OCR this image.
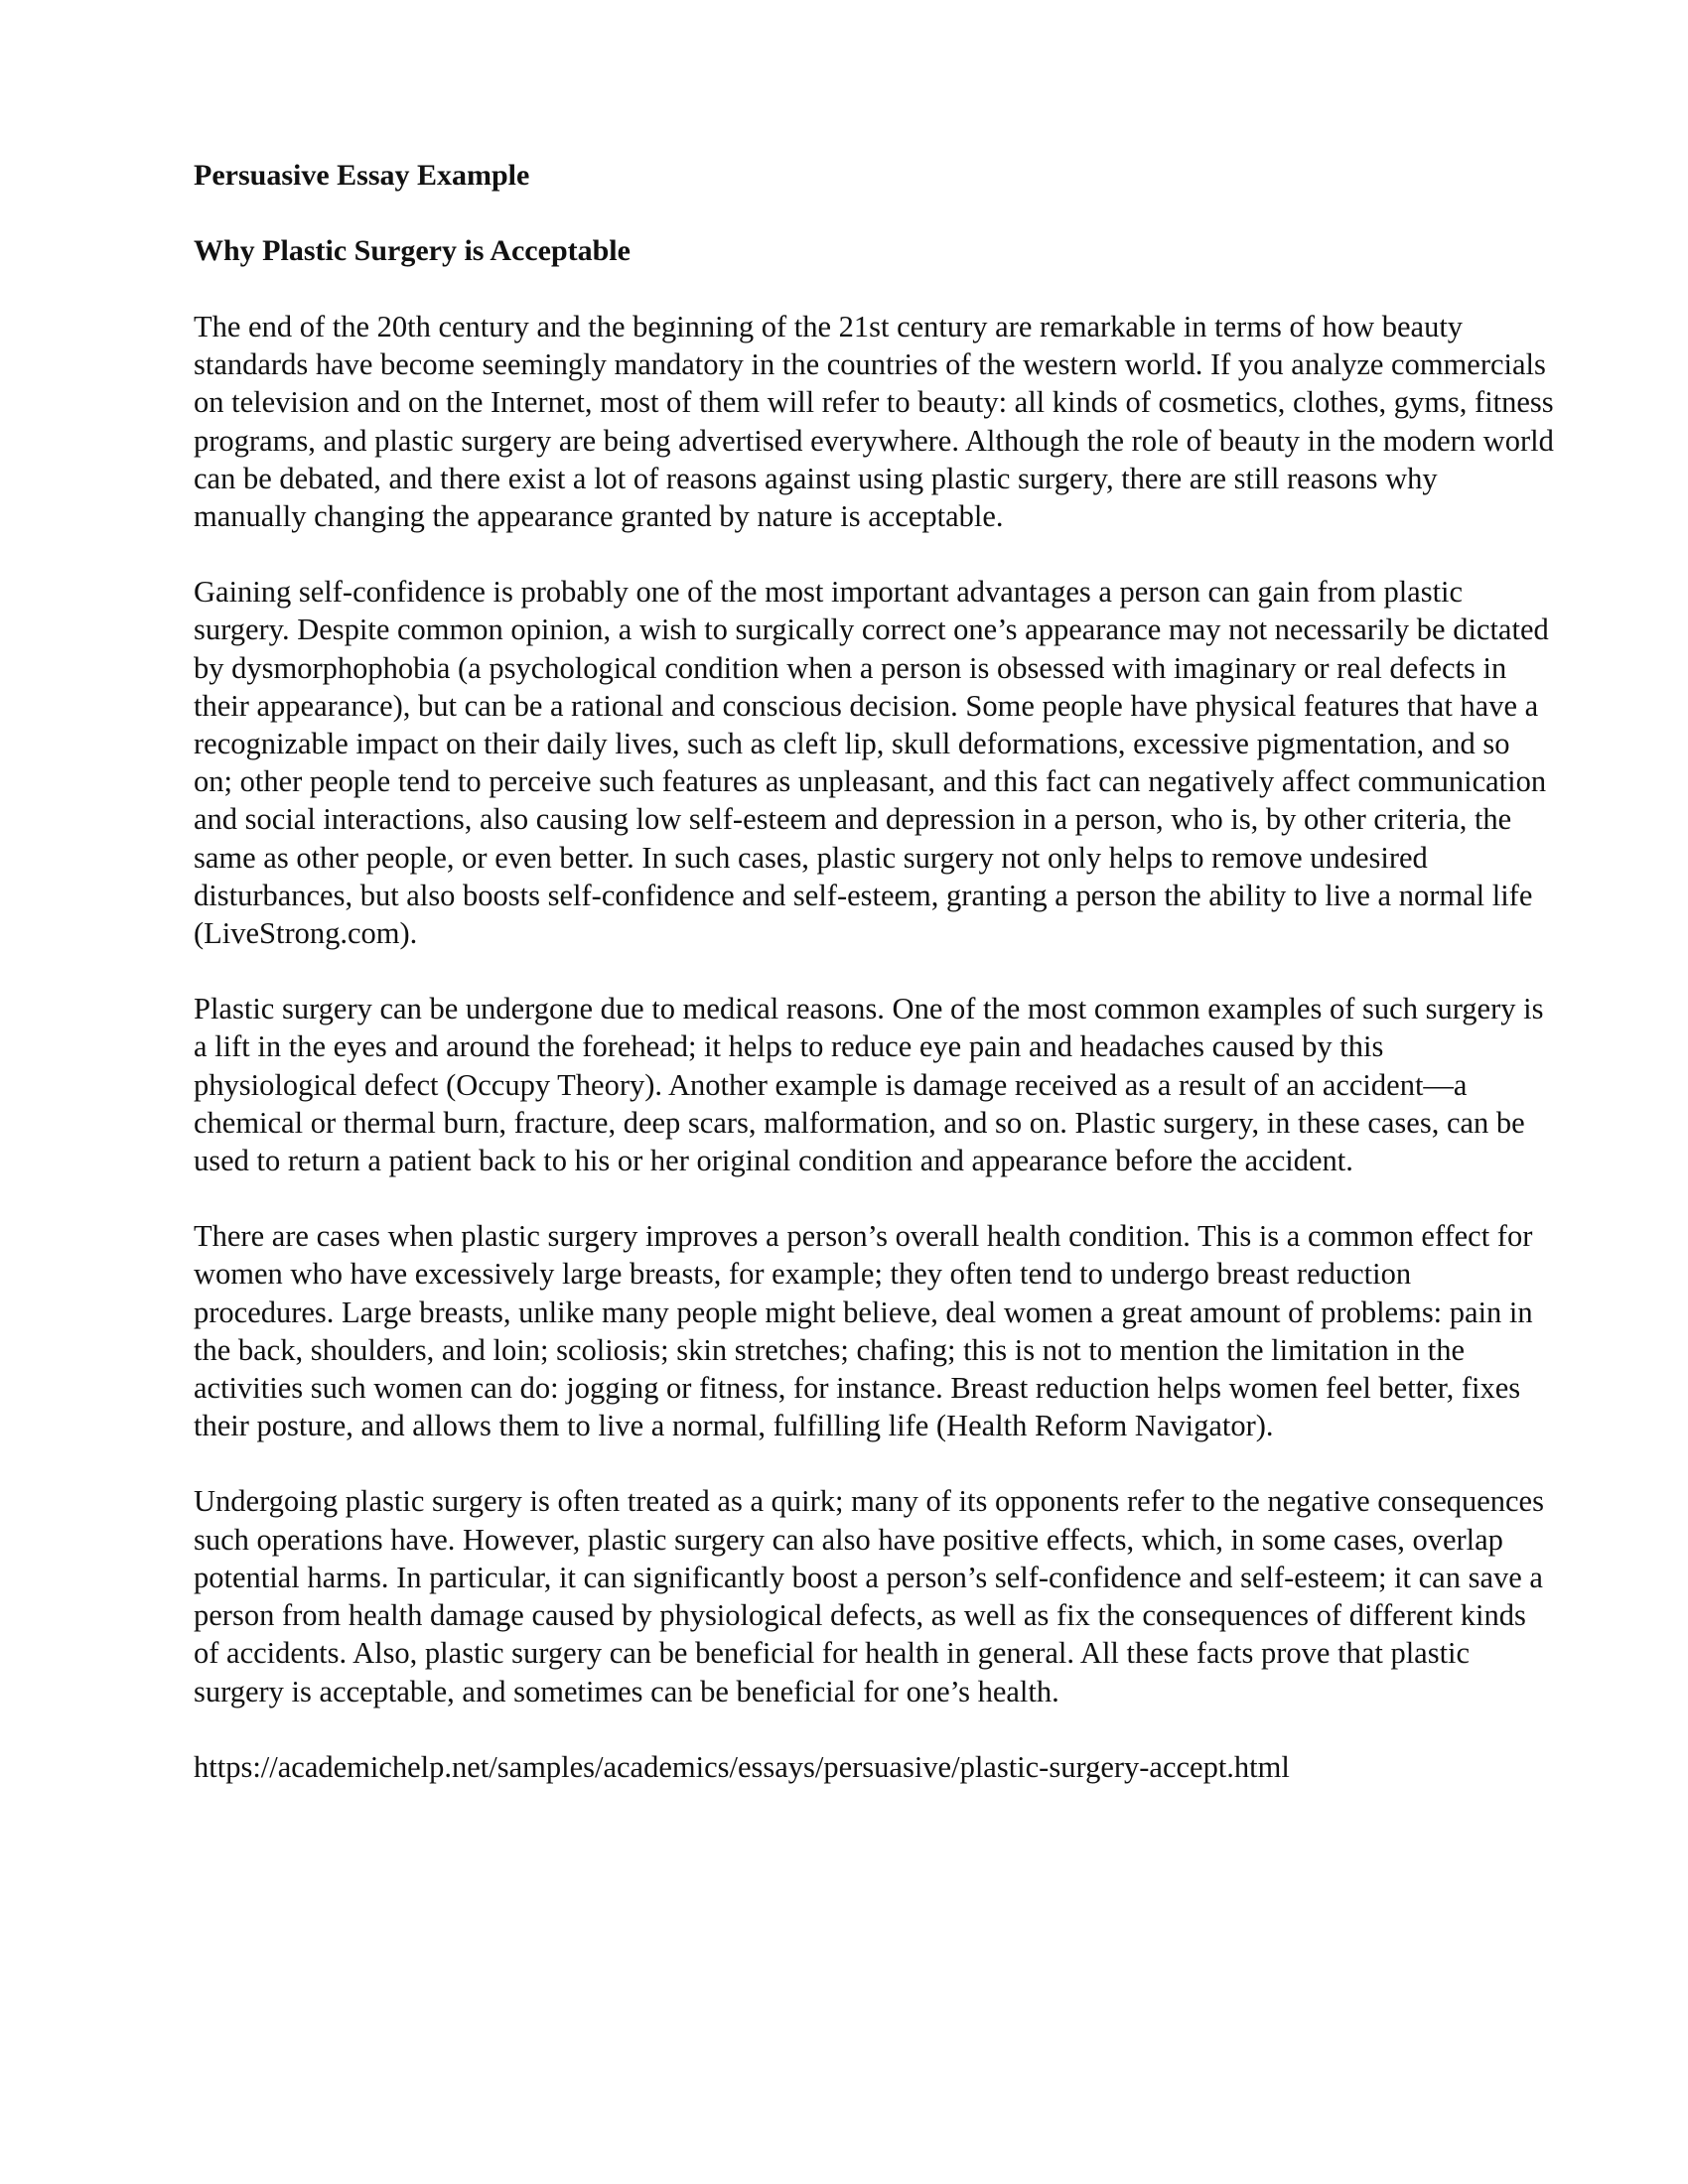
Persuasive Essay Example

Why Plastic Surgery is Acceptable

The end of the 20th century and the beginning of the 21st century are remarkable in terms of how beauty standards have become seemingly mandatory in the countries of the western world. If you analyze commercials on television and on the Internet, most of them will refer to beauty: all kinds of cosmetics, clothes, gyms, fitness programs, and plastic surgery are being advertised everywhere. Although the role of beauty in the modern world can be debated, and there exist a lot of reasons against using plastic surgery, there are still reasons why manually changing the appearance granted by nature is acceptable.

Gaining self-confidence is probably one of the most important advantages a person can gain from plastic surgery. Despite common opinion, a wish to surgically correct one’s appearance may not necessarily be dictated by dysmorphophobia (a psychological condition when a person is obsessed with imaginary or real defects in their appearance), but can be a rational and conscious decision. Some people have physical features that have a recognizable impact on their daily lives, such as cleft lip, skull deformations, excessive pigmentation, and so on; other people tend to perceive such features as unpleasant, and this fact can negatively affect communication and social interactions, also causing low self-esteem and depression in a person, who is, by other criteria, the same as other people, or even better. In such cases, plastic surgery not only helps to remove undesired disturbances, but also boosts self-confidence and self-esteem, granting a person the ability to live a normal life (LiveStrong.com).

Plastic surgery can be undergone due to medical reasons. One of the most common examples of such surgery is a lift in the eyes and around the forehead; it helps to reduce eye pain and headaches caused by this physiological defect (Occupy Theory). Another example is damage received as a result of an accident—a chemical or thermal burn, fracture, deep scars, malformation, and so on. Plastic surgery, in these cases, can be used to return a patient back to his or her original condition and appearance before the accident.

There are cases when plastic surgery improves a person’s overall health condition. This is a common effect for women who have excessively large breasts, for example; they often tend to undergo breast reduction procedures. Large breasts, unlike many people might believe, deal women a great amount of problems: pain in the back, shoulders, and loin; scoliosis; skin stretches; chafing; this is not to mention the limitation in the activities such women can do: jogging or fitness, for instance. Breast reduction helps women feel better, fixes their posture, and allows them to live a normal, fulfilling life (Health Reform Navigator).

Undergoing plastic surgery is often treated as a quirk; many of its opponents refer to the negative consequences such operations have. However, plastic surgery can also have positive effects, which, in some cases, overlap potential harms. In particular, it can significantly boost a person’s self-confidence and self-esteem; it can save a person from health damage caused by physiological defects, as well as fix the consequences of different kinds of accidents. Also, plastic surgery can be beneficial for health in general. All these facts prove that plastic surgery is acceptable, and sometimes can be beneficial for one’s health.

https://academichelp.net/samples/academics/essays/persuasive/plastic-surgery-accept.html
